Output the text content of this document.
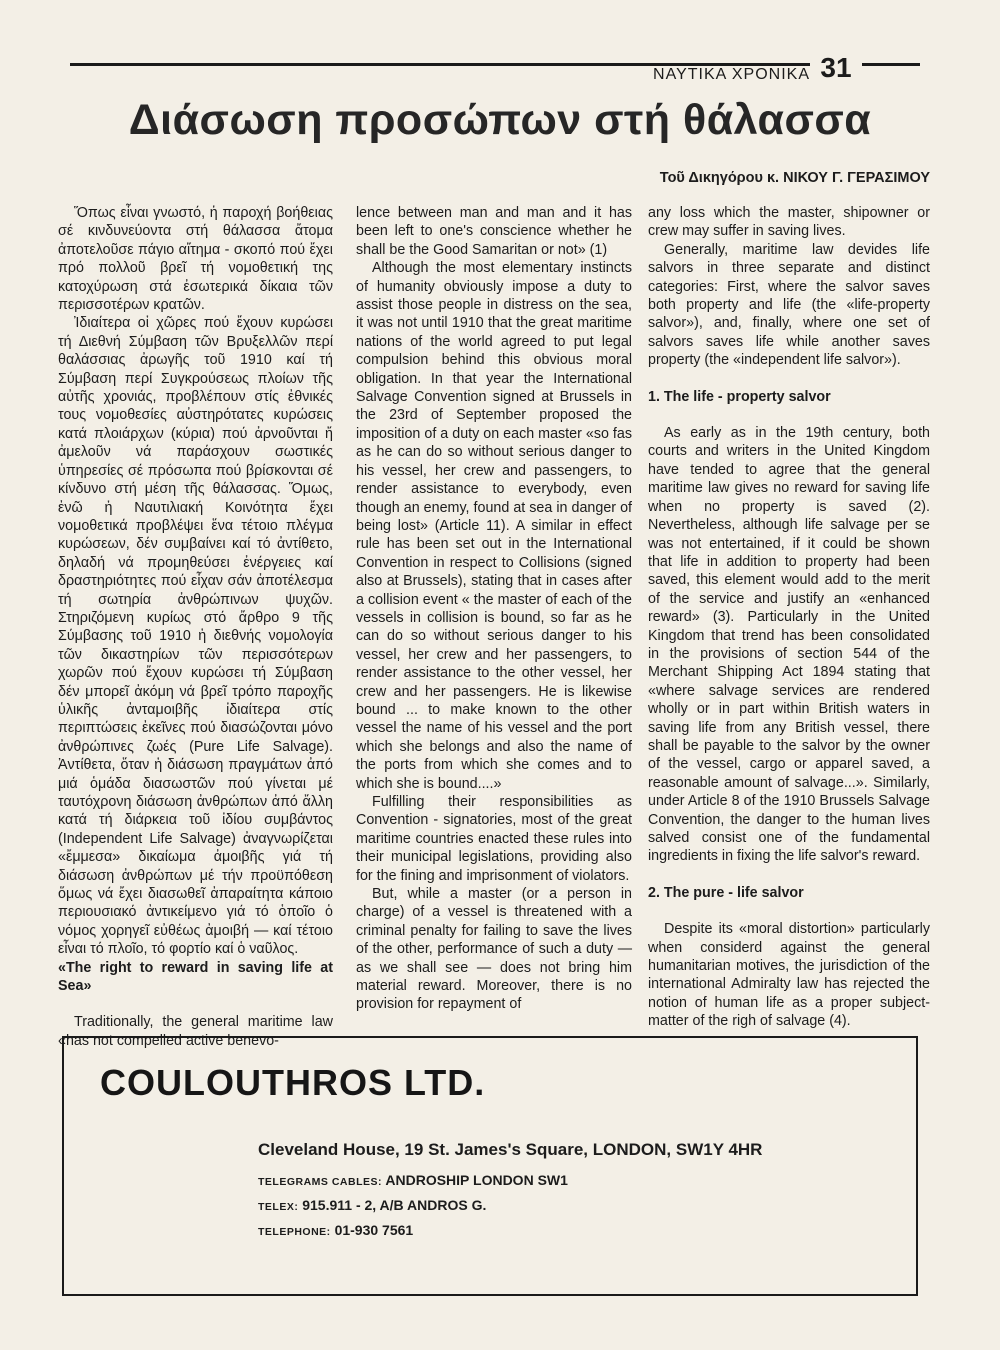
ΝΑΥΤΙΚΑ ΧΡΟΝΙΚΑ 31
Διάσωση προσώπων στή θάλασσα
Τοῦ Δικηγόρου κ. ΝΙΚΟΥ Γ. ΓΕΡΑΣΙΜΟΥ

Ὅπως εἶναι γνωστό, ἡ παροχή βοήθειας σέ κινδυνεύοντα στή θάλασσα ἄτομα ἀποτελοῦσε πάγιο αἴτημα - σκοπό πού ἔχει πρό πολλοῦ βρεῖ τή νομοθετική της κατοχύρωση στά ἐσωτερικά δίκαια τῶν περισσοτέρων κρατῶν.

Ἰδιαίτερα οἱ χῶρες πού ἔχουν κυρώσει τή Διεθνή Σύμβαση τῶν Βρυξελλῶν περί θαλάσσιας ἀρωγῆς τοῦ 1910 καί τή Σύμβαση περί Συγκρούσεως πλοίων τῆς αὐτῆς χρονιάς, προβλέπουν στίς ἐθνικές τους νομοθεσίες αὐστηρότατες κυρώσεις κατά πλοιάρχων (κύρια) πού ἀρνοῦνται ἤ ἀμελοῦν νά παράσχουν σωστικές ὑπηρεσίες σέ πρόσωπα πού βρίσκονται σέ κίνδυνο στή μέση τῆς θάλασσας. Ὅμως, ἐνῶ ἡ Ναυτιλιακή Κοινότητα ἔχει νομοθετικά προβλέψει ἕνα τέτοιο πλέγμα κυρώσεων, δέν συμβαίνει καί τό ἀντίθετο, δηλαδή νά προμηθεύσει ἐνέργειες καί δραστηριότητες πού εἶχαν σάν ἀποτέλεσμα τή σωτηρία ἀνθρώπινων ψυχῶν. Στηριζόμενη κυρίως στό ἄρθρο 9 τῆς Σύμβασης τοῦ 1910 ἡ διεθνής νομολογία τῶν δικαστηρίων τῶν περισσότερων χωρῶν πού ἔχουν κυρώσει τή Σύμβαση δέν μπορεῖ ἀκόμη νά βρεῖ τρόπο παροχῆς ὑλικῆς ἀνταμοιβῆς ἰδιαίτερα στίς περιπτώσεις ἐκεῖνες πού διασώζονται μόνο ἀνθρώπινες ζωές (Pure Life Salvage). Ἀντίθετα, ὅταν ἡ διάσωση πραγμάτων ἀπό μιά ὁμάδα διασωστῶν πού γίνεται μέ ταυτόχρονη διάσωση ἀνθρώπων ἀπό ἄλλη κατά τή διάρκεια τοῦ ἰδίου συμβάντος (Independent Life Salvage) ἀναγνωρίζεται «ἔμμεσα» δικαίωμα ἀμοιβῆς γιά τή διάσωση ἀνθρώπων μέ τήν προϋπόθεση ὅμως νά ἔχει διασωθεῖ ἀπαραίτητα κάποιο περιουσιακό ἀντικείμενο γιά τό ὁποῖο ὁ νόμος χορηγεῖ εὐθέως ἀμοιβή — καί τέτοιο εἶναι τό πλοῖο, τό φορτίο καί ὁ ναῦλος.

«The right to reward in saving life at Sea»

Traditionally, the general maritime law «has not compelled active benevo-

lence between man and man and it has been left to one's conscience whether he shall be the Good Samaritan or not» (1)

Although the most elementary instincts of humanity obviously impose a duty to assist those people in distress on the sea, it was not until 1910 that the great maritime nations of the world agreed to put legal compulsion behind this obvious moral obligation. In that year the International Salvage Convention signed at Brussels in the 23rd of September proposed the imposition of a duty on each master «so fas as he can do so without serious danger to his vessel, her crew and passengers, to render assistance to everybody, even though an enemy, found at sea in danger of being lost» (Article 11). A similar in effect rule has been set out in the International Convention in respect to Collisions (signed also at Brussels), stating that in cases after a collision event « the master of each of the vessels in collision is bound, so far as he can do so without serious danger to his vessel, her crew and her passengers, to render assistance to the other vessel, her crew and her passengers. He is likewise bound ... to make known to the other vessel the name of his vessel and the port which she belongs and also the name of the ports from which she comes and to which she is bound....»

Fulfilling their responsibilities as Convention - signatories, most of the great maritime countries enacted these rules into their municipal legislations, providing also for the fining and imprisonment of violators.

But, while a master (or a person in charge) of a vessel is threatened with a criminal penalty for failing to save the lives of the other, performance of such a duty — as we shall see — does not bring him material reward. Moreover, there is no provision for repayment of

any loss which the master, shipowner or crew may suffer in saving lives.

Generally, maritime law devides life salvors in three separate and distinct categories: First, where the salvor saves both property and life (the «life-property salvor»), and, finally, where one set of salvors saves life while another saves property (the «independent life salvor»).

1. The life - property salvor

As early as in the 19th century, both courts and writers in the United Kingdom have tended to agree that the general maritime law gives no reward for saving life when no property is saved (2). Nevertheless, although life salvage per se was not entertained, if it could be shown that life in addition to property had been saved, this element would add to the merit of the service and justify an «enhanced reward» (3). Particularly in the United Kingdom that trend has been consolidated in the provisions of section 544 of the Merchant Shipping Act 1894 stating that «where salvage services are rendered wholly or in part within British waters in saving life from any British vessel, there shall be payable to the salvor by the owner of the vessel, cargo or apparel saved, a reasonable amount of salvage...». Similarly, under Article 8 of the 1910 Brussels Salvage Convention, the danger to the human lives salved consist one of the fundamental ingredients in fixing the life salvor's reward.

2. The pure - life salvor

Despite its «moral distortion» particularly when considerd against the general humanitarian motives, the jurisdiction of the international Admiralty law has rejected the notion of human life as a proper subject-matter of the righ of salvage (4).

COULOUTHROS LTD.
Cleveland House, 19 St. James's Square, LONDON, SW1Y 4HR
TELEGRAMS CABLES: ANDROSHIP LONDON SW1
TELEX: 915.911 - 2, A/B ANDROS G.
TELEPHONE: 01-930 7561
